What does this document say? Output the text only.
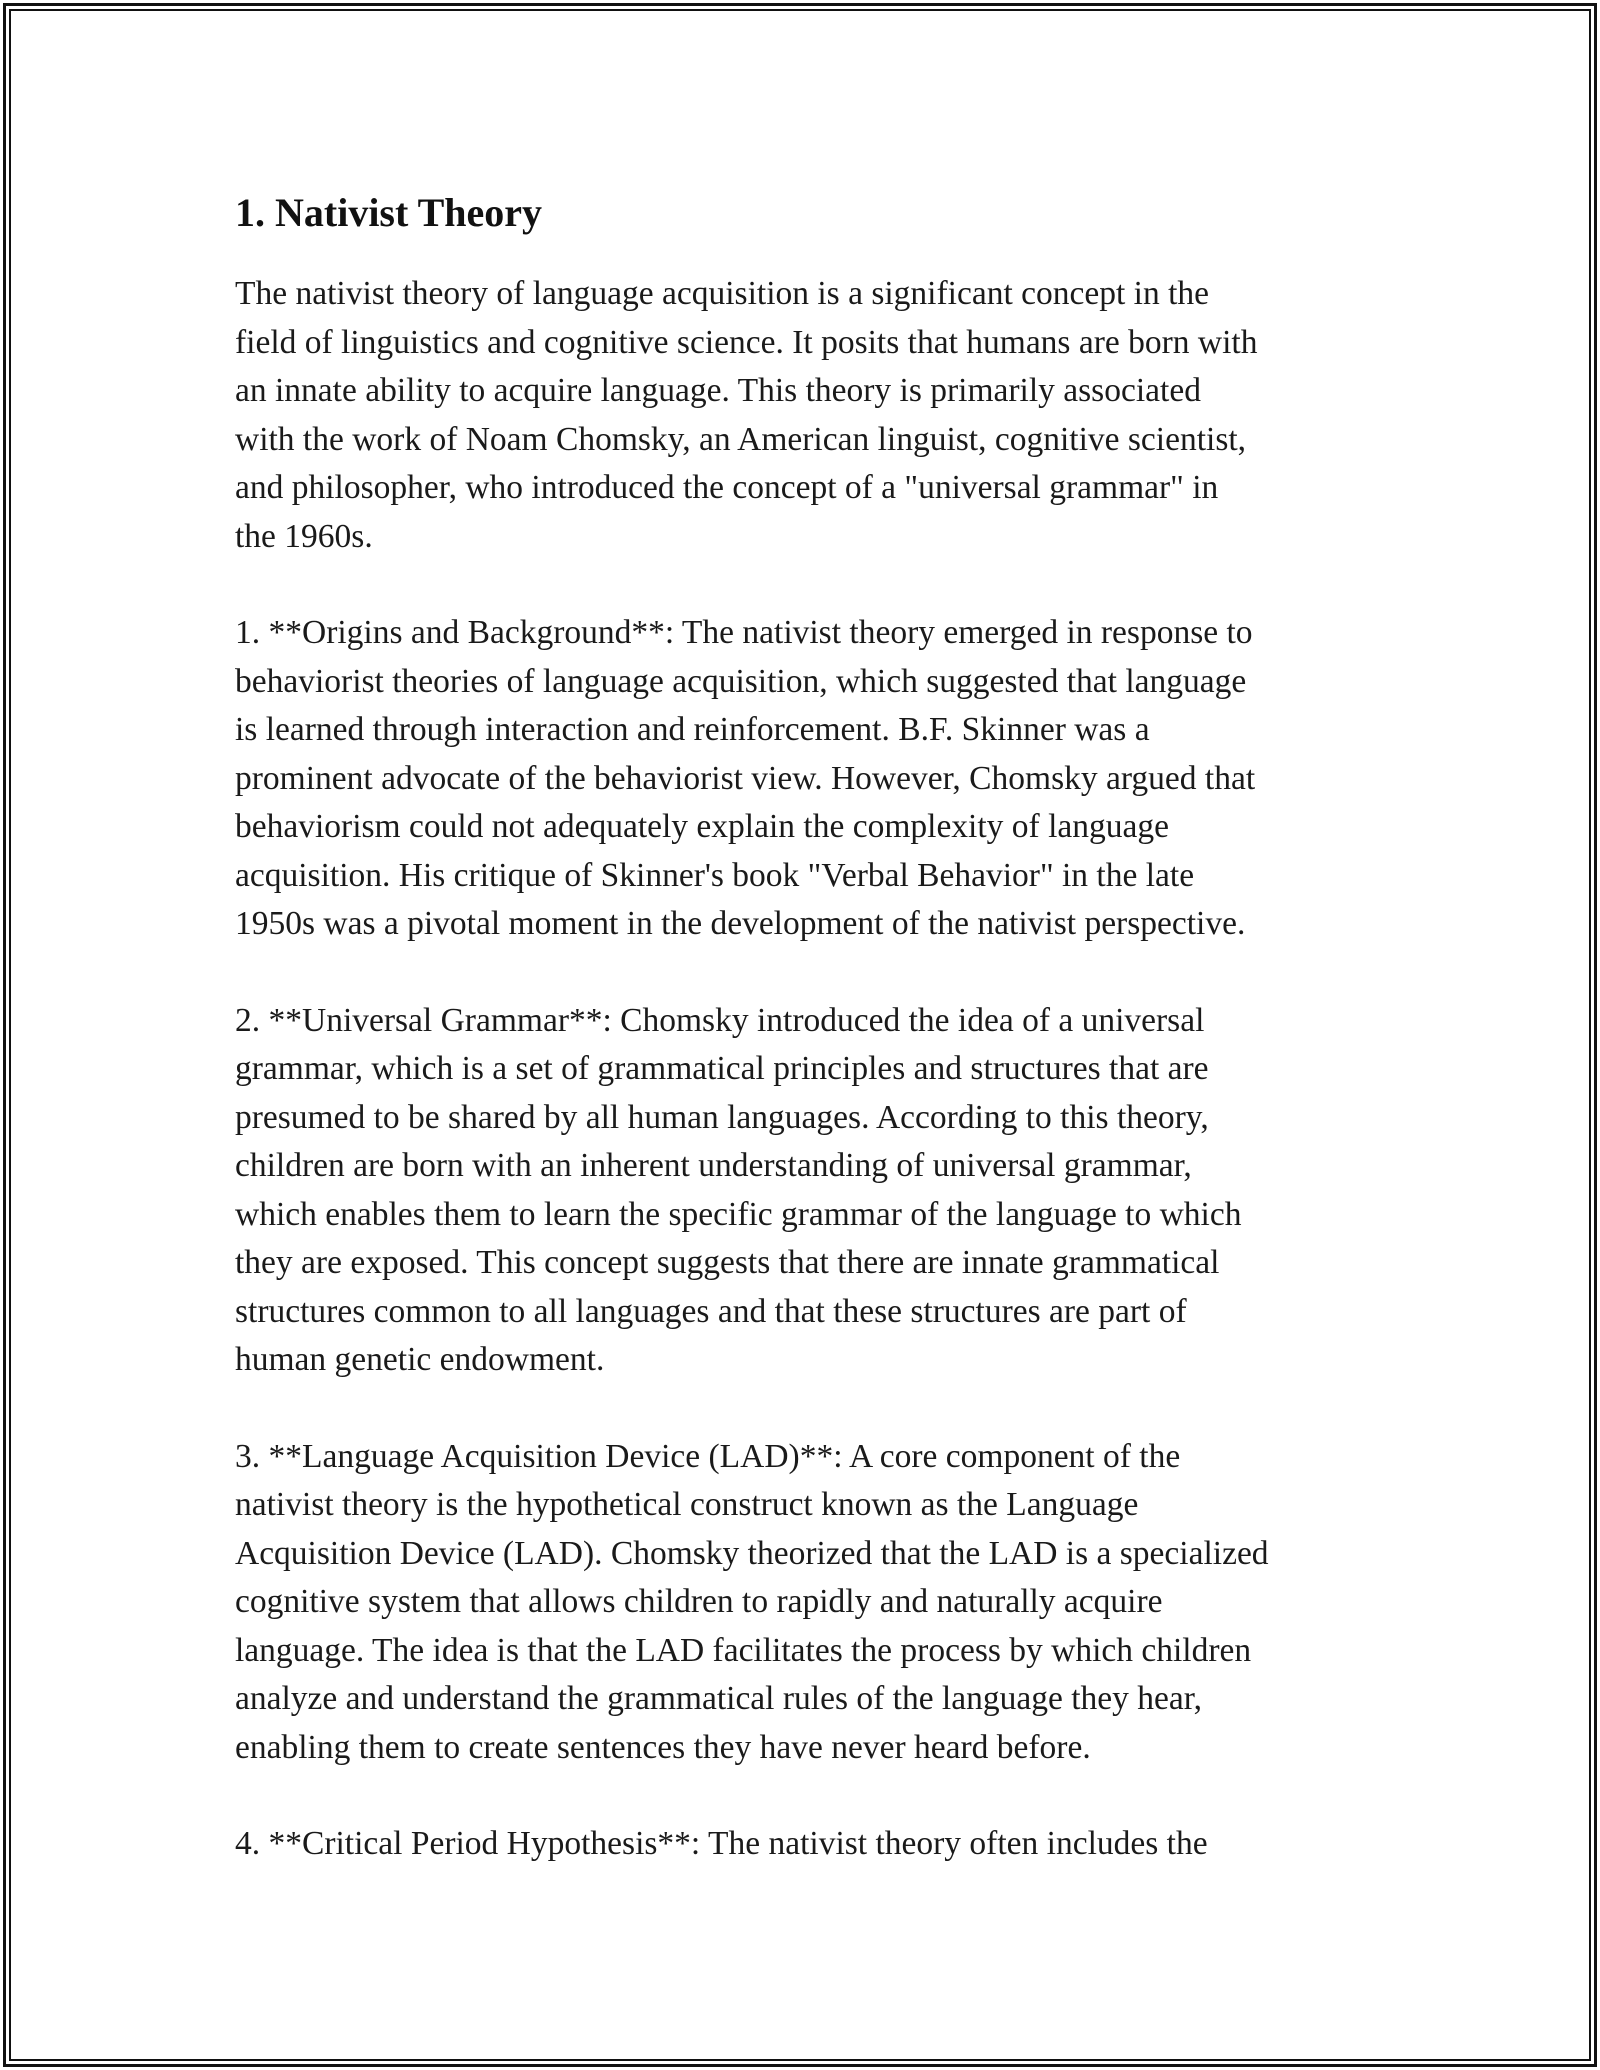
1. Nativist Theory

The nativist theory of language acquisition is a significant concept in the
field of linguistics and cognitive science. It posits that humans are born with
an innate ability to acquire language. This theory is primarily associated
with the work of Noam Chomsky, an American linguist, cognitive scientist,
and philosopher, who introduced the concept of a "universal grammar" in
the 1960s.

1. **Origins and Background**: The nativist theory emerged in response to
behaviorist theories of language acquisition, which suggested that language
is learned through interaction and reinforcement. B.F. Skinner was a
prominent advocate of the behaviorist view. However, Chomsky argued that
behaviorism could not adequately explain the complexity of language
acquisition. His critique of Skinner's book "Verbal Behavior" in the late
1950s was a pivotal moment in the development of the nativist perspective.

2. **Universal Grammar**: Chomsky introduced the idea of a universal
grammar, which is a set of grammatical principles and structures that are
presumed to be shared by all human languages. According to this theory,
children are born with an inherent understanding of universal grammar,
which enables them to learn the specific grammar of the language to which
they are exposed. This concept suggests that there are innate grammatical
structures common to all languages and that these structures are part of
human genetic endowment.

3. **Language Acquisition Device (LAD)**: A core component of the
nativist theory is the hypothetical construct known as the Language
Acquisition Device (LAD). Chomsky theorized that the LAD is a specialized
cognitive system that allows children to rapidly and naturally acquire
language. The idea is that the LAD facilitates the process by which children
analyze and understand the grammatical rules of the language they hear,
enabling them to create sentences they have never heard before.

4. **Critical Period Hypothesis**: The nativist theory often includes the
